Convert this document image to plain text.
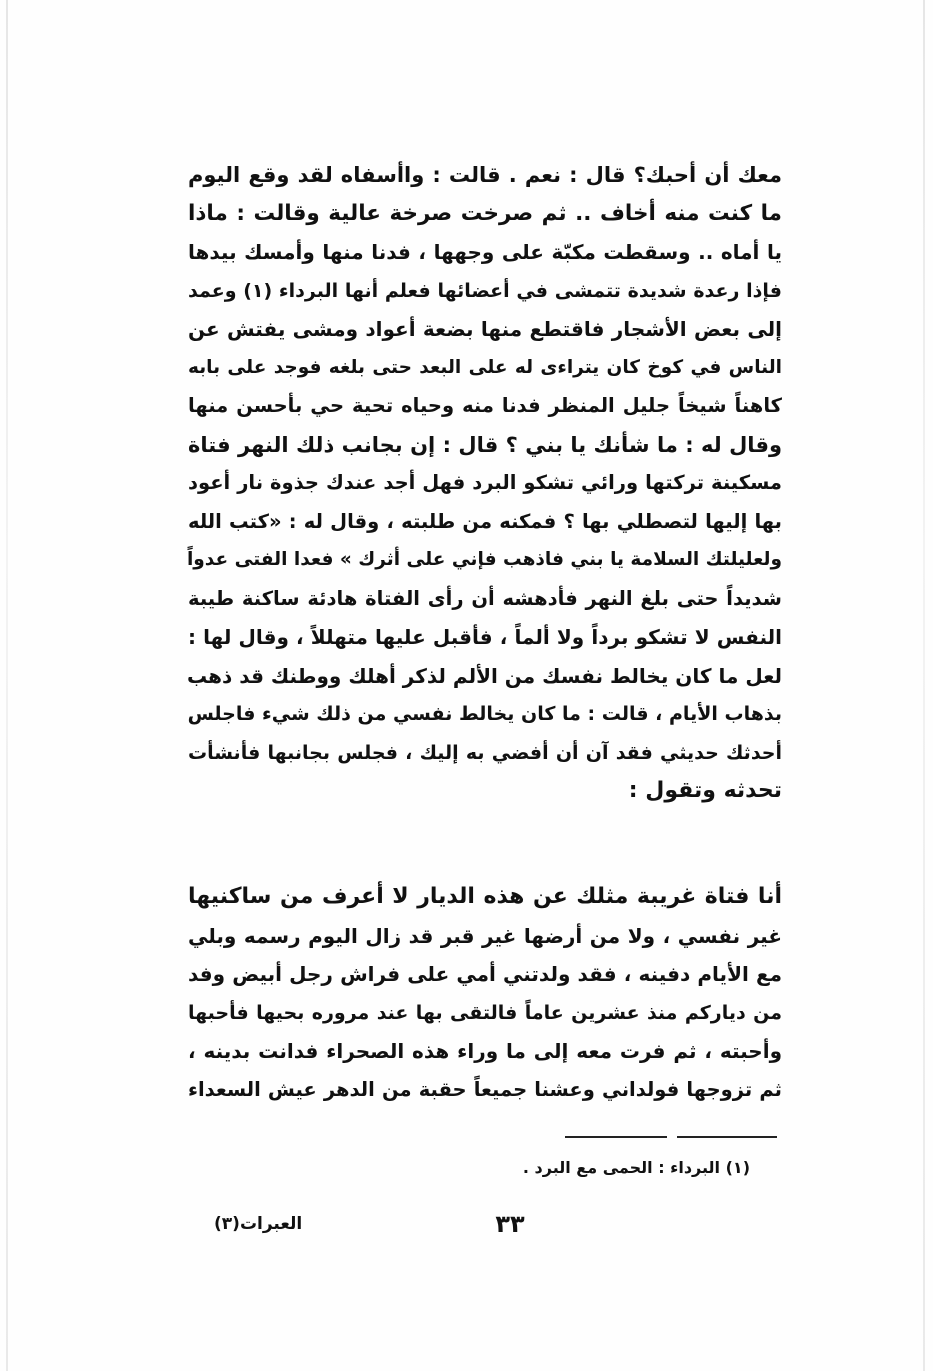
معك أن أحبك؟ قال : نعم . قالت : واأسفاه لقد وقع اليوم
ما كنت منه أخاف .. ثم صرخت صرخة عالية وقالت : ماذا
يا أماه .. وسقطت مكبّة على وجهها ، فدنا منها وأمسك بيدها
فإذا رعدة شديدة تتمشى في أعضائها فعلم أنها البرداء (١) وعمد
إلى بعض الأشجار فاقتطع منها بضعة أعواد ومشى يفتش عن
الناس في كوخ كان يتراءى له على البعد حتى بلغه فوجد على بابه
كاهناً شيخاً جليل المنظر فدنا منه وحياه تحية حي بأحسن منها
وقال له : ما شأنك يا بني ؟ قال : إن بجانب ذلك النهر فتاة
مسكينة تركتها ورائي تشكو البرد فهل أجد عندك جذوة نار أعود
بها إليها لتصطلي بها ؟ فمكنه من طلبته ، وقال له : «كتب الله
ولعليلتك السلامة يا بني فاذهب فإني على أثرك » فعدا الفتى عدواً
شديداً حتى بلغ النهر فأدهشه أن رأى الفتاة هادئة ساكنة طيبة
النفس لا تشكو برداً ولا ألماً ، فأقبل عليها متهللاً ، وقال لها :
لعل ما كان يخالط نفسك من الألم لذكر أهلك ووطنك قد ذهب
بذهاب الأيام ، قالت : ما كان يخالط نفسي من ذلك شيء فاجلس
أحدثك حديثي فقد آن أن أفضي به إليك ، فجلس بجانبها فأنشأت
تحدثه وتقول :
أنا فتاة غريبة مثلك عن هذه الديار لا أعرف من ساكنيها
غير نفسي ، ولا من أرضها غير قبر قد زال اليوم رسمه وبلي
مع الأيام دفينه ، فقد ولدتني أمي على فراش رجل أبيض وفد
من دياركم منذ عشرين عاماً فالتقى بها عند مروره بحيها فأحبها
وأحبته ، ثم فرت معه إلى ما وراء هذه الصحراء فدانت بدينه ،
ثم تزوجها فولداني وعشنا جميعاً حقبة من الدهر عيش السعداء
(١) البرداء : الحمى مع البرد .
٣٣
العبرات(٣)
